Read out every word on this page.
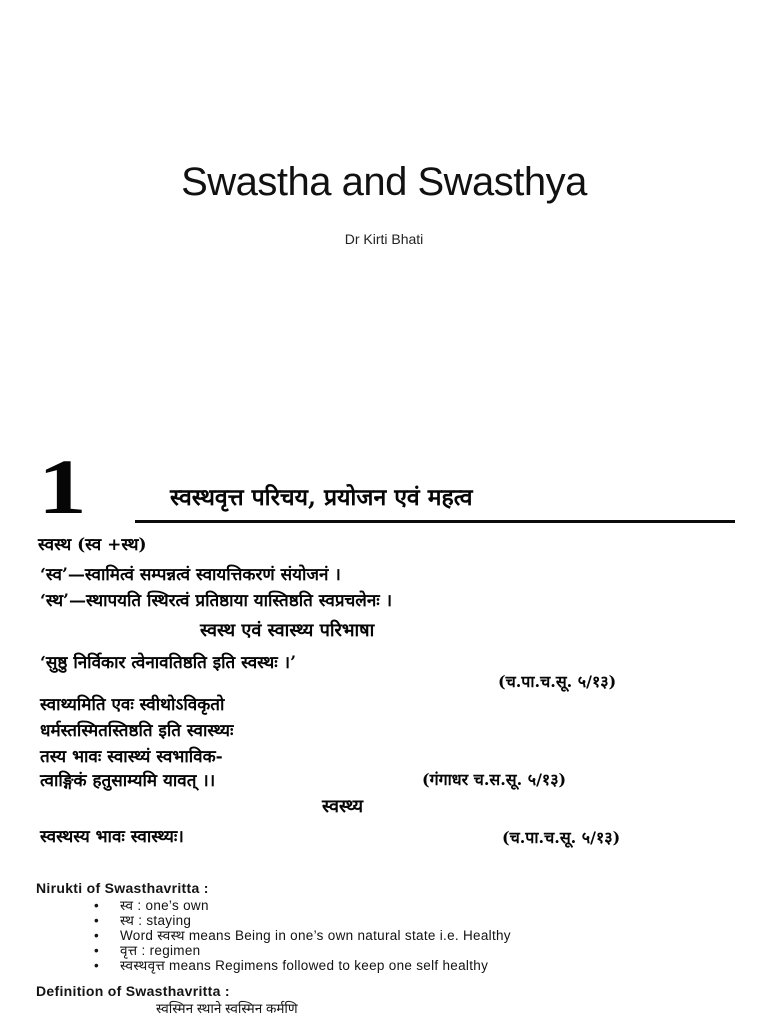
Swastha and Swasthya
Dr Kirti Bhati
1	स्वस्थवृत्त परिचय, प्रयोजन एवं महत्व
स्वस्थ (स्व +स्थ)
‘स्व’—स्वामित्वं सम्पन्नत्वं स्वायत्तिकरणं संयोजनं ।
‘स्थ’—स्थापयति स्थिरत्वं प्रतिष्ठाया यास्तिष्ठति स्वप्रचलेनः ।
स्वस्थ एवं स्वास्थ्य परिभाषा
‘सुष्ठु निर्विकार त्वेनावतिष्ठति इति स्वस्थः ।’
(च.पा.च.सू. ५/१३)
स्वाथ्यमिति एवः स्वीथोऽविकृतो
धर्मस्तस्मितस्तिष्ठति इति स्वास्थ्यः
तस्य भावः स्वास्थ्यं स्वभाविक-
त्वाङ्गिकं हतुसाम्यमि यावत् ।।	(गंगाधर च.स.सू. ५/१३)
स्वस्थ्य
स्वस्थस्य भावः स्वास्थ्यः।	(च.पा.च.सू. ५/१३)
Nirukti of Swasthavritta :
• स्व : one’s own
• स्थ : staying
• Word स्वस्थ means Being in one’s own natural state i.e. Healthy
• वृत्त : regimen
• स्वस्थवृत्त means Regimens followed to keep one self healthy
Definition of Swasthavritta :
स्वस्मिन स्थाने स्वस्मिन कर्मणि
